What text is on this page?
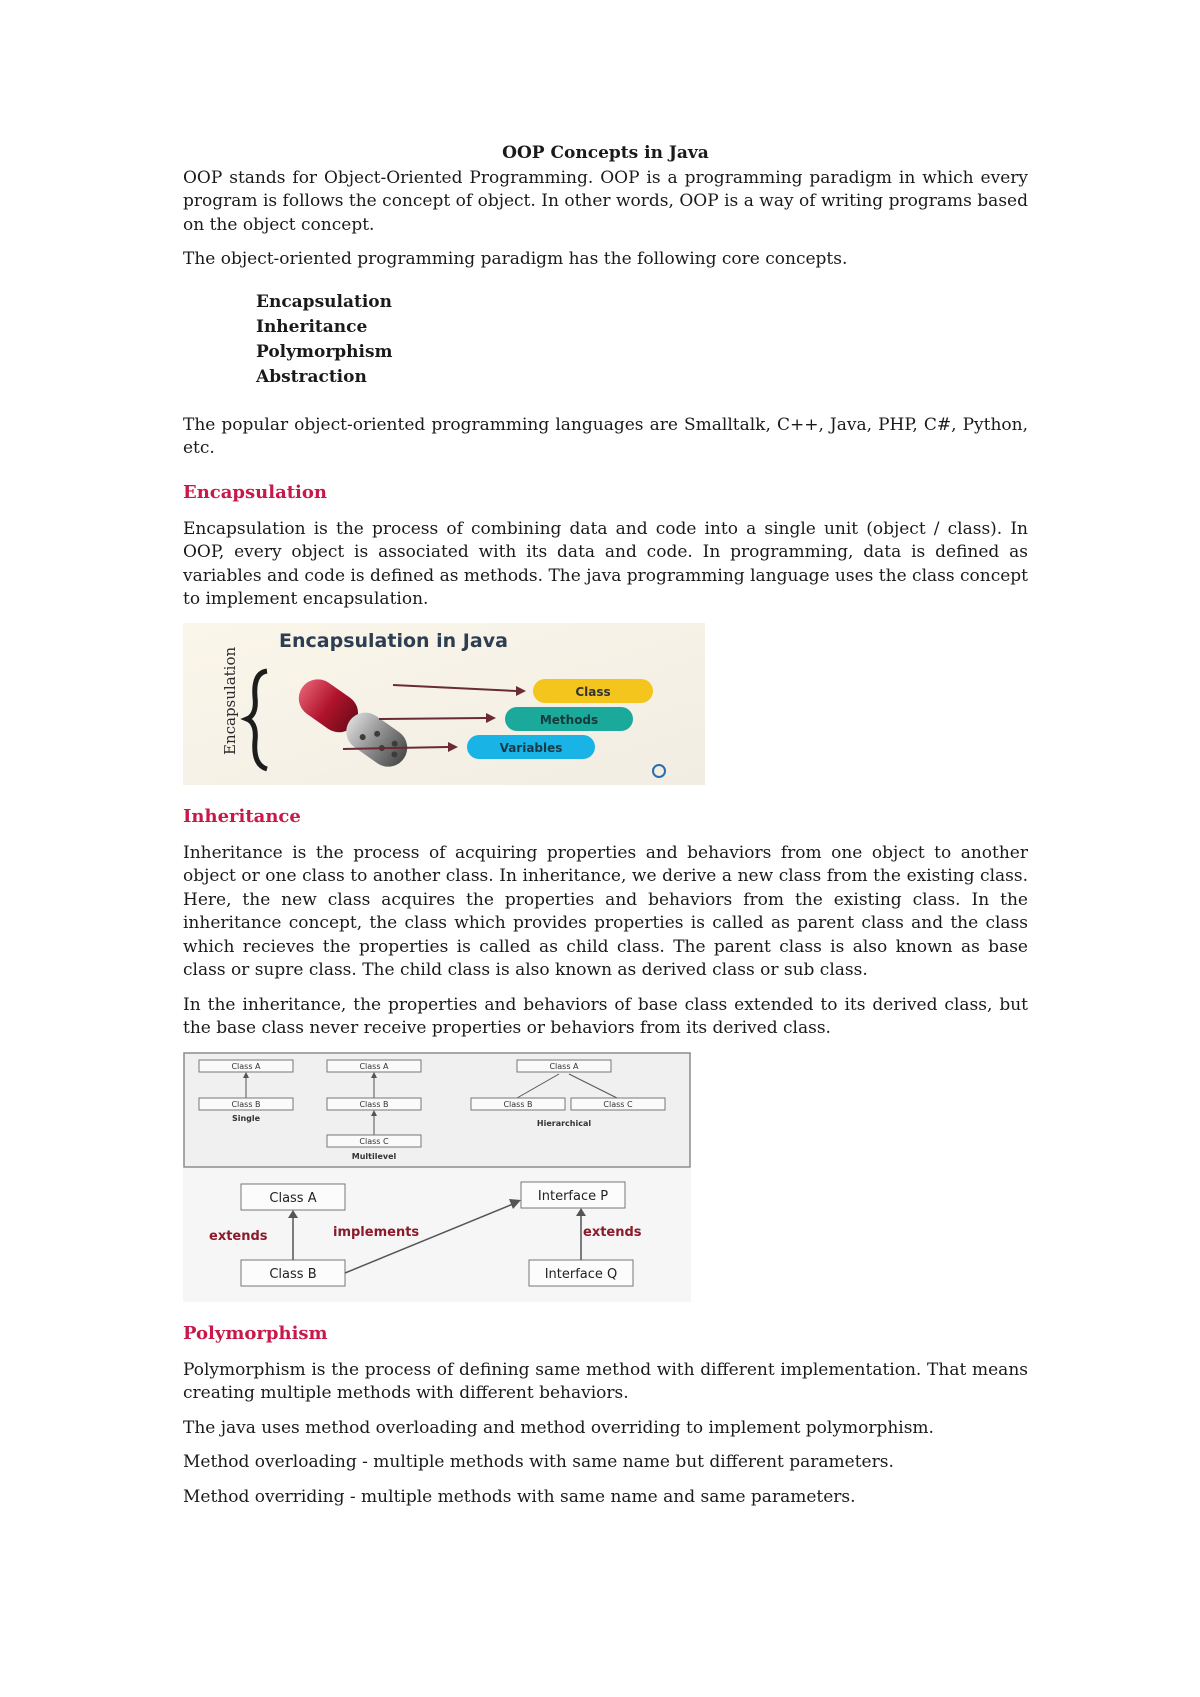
OOP Concepts in Java

OOP stands for Object-Oriented Programming. OOP is a programming paradigm in which every program is follows the concept of object. In other words, OOP is a way of writing programs based on the object concept.

The object-oriented programming paradigm has the following core concepts.

Encapsulation
Inheritance
Polymorphism
Abstraction

The popular object-oriented programming languages are Smalltalk, C++, Java, PHP, C#, Python, etc.

Encapsulation

Encapsulation is the process of combining data and code into a single unit (object / class). In OOP, every object is associated with its data and code. In programming, data is defined as variables and code is defined as methods. The java programming language uses the class concept to implement encapsulation.

Encapsulation in Java
Encapsulation	Class
Methods
Variables
Inheritance

Inheritance is the process of acquiring properties and behaviors from one object to another object or one class to another class. In inheritance, we derive a new class from the existing class. Here, the new class acquires the properties and behaviors from the existing class. In the inheritance concept, the class which provides properties is called as parent class and the class which recieves the properties is called as child class. The parent class is also known as base class or supre class. The child class is also known as derived class or sub class.

In the inheritance, the properties and behaviors of base class extended to its derived class, but the base class never receive properties or behaviors from its derived class.

Class A
Class B
Single
Class A
Class B
Class C
Multilevel
Class A
Class B	Class C
Hierarchical
Class A
Class B
Interface P
Interface Q
extends	implements	extends
Polymorphism

Polymorphism is the process of defining same method with different implementation. That means creating multiple methods with different behaviors.

The java uses method overloading and method overriding to implement polymorphism.

Method overloading - multiple methods with same name but different parameters.

Method overriding - multiple methods with same name and same parameters.
